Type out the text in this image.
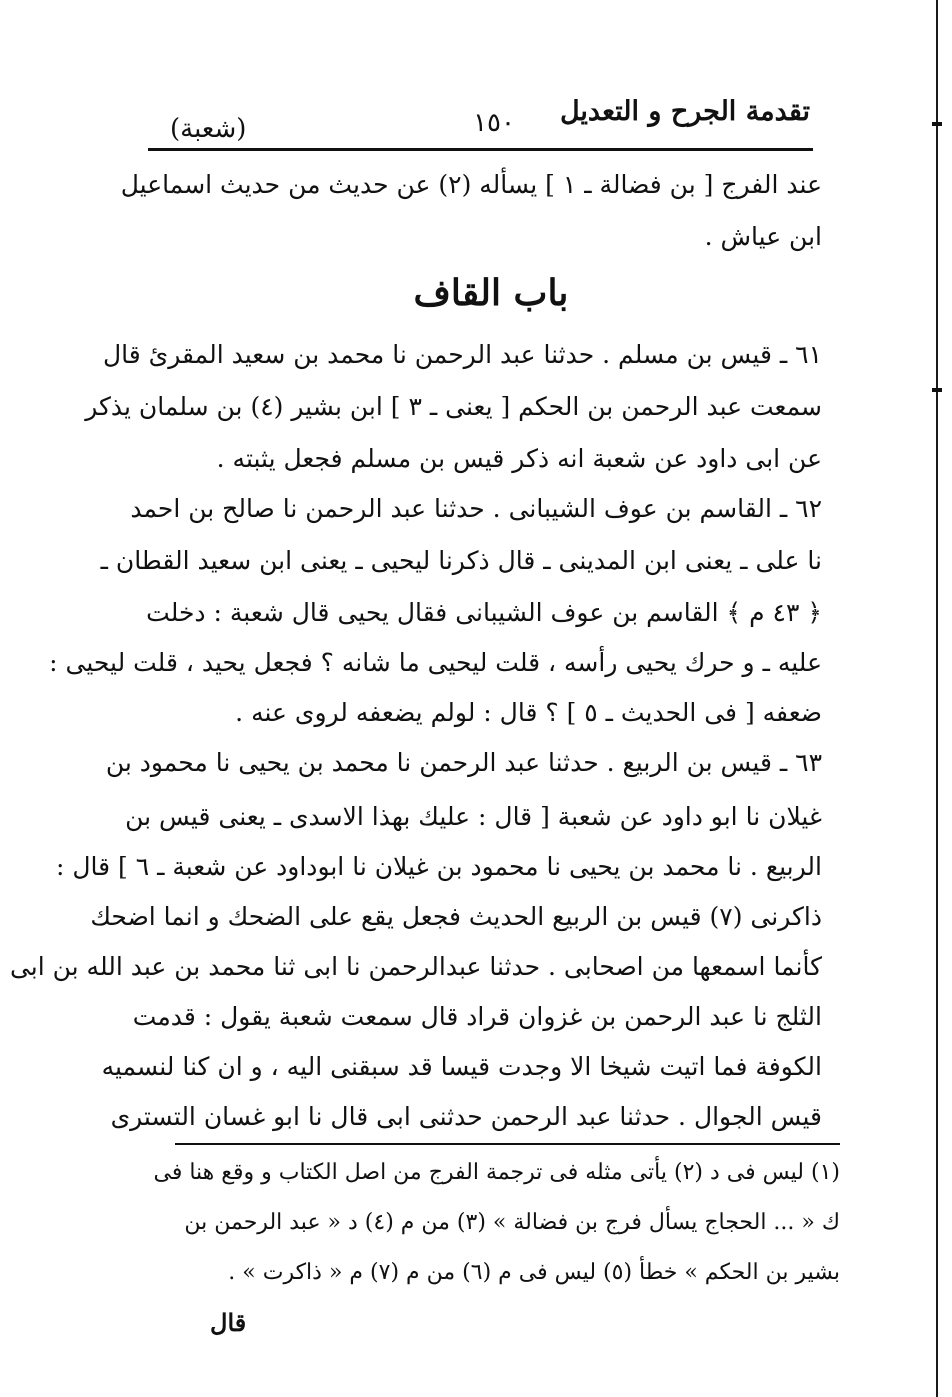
تقدمة الجرح و التعديل
١٥٠
(شعبة)
عند الفرج [ بن فضالة ـ ١ ] يسأله (٢) عن حديث من حديث اسماعيل
ابن عياش .
باب القاف
٦١ ـ قيس بن مسلم . حدثنا عبد الرحمن نا محمد بن سعيد المقرئ قال
سمعت عبد الرحمن بن الحكم [ يعنى ـ ٣ ] ابن بشير (٤) بن سلمان يذكر
عن ابى داود عن شعبة انه ذكر قيس بن مسلم فجعل يثبته .
٦٢ ـ القاسم بن عوف الشيبانى . حدثنا عبد الرحمن نا صالح بن احمد
نا على ـ يعنى ابن المدينى ـ قال ذكرنا ليحيى ـ يعنى ابن سعيد القطان ـ
﴿ ٤٣ م ﴾ القاسم بن عوف الشيبانى فقال يحيى قال شعبة : دخلت
عليه ـ و حرك يحيى رأسه ، قلت ليحيى ما شانه ؟ فجعل يحيد ، قلت ليحيى :
ضعفه [ فى الحديث ـ ٥ ] ؟ قال : لولم يضعفه لروى عنه .
٦٣ ـ قيس بن الربيع . حدثنا عبد الرحمن نا محمد بن يحيى نا محمود بن
غيلان نا ابو داود عن شعبة [ قال : عليك بهذا الاسدى ـ يعنى قيس بن
الربيع . نا محمد بن يحيى نا محمود بن غيلان نا ابوداود عن شعبة ـ ٦ ] قال :
ذاكرنى (٧) قيس بن الربيع الحديث فجعل يقع على الضحك و انما اضحك
كأنما اسمعها من اصحابى . حدثنا عبدالرحمن نا ابى ثنا محمد بن عبد الله بن ابى
الثلج نا عبد الرحمن بن غزوان قراد قال سمعت شعبة يقول : قدمت
الكوفة فما اتيت شيخا الا وجدت قيسا قد سبقنى اليه ، و ان كنا لنسميه
قيس الجوال . حدثنا عبد الرحمن حدثنى ابى قال نا ابو غسان التسترى
(١) ليس فى د (٢) يأتى مثله فى ترجمة الفرج من اصل الكتاب و وقع هنا فى
ك « ... الحجاج يسأل فرج بن فضالة » (٣) من م (٤) د « عبد الرحمن بن
بشير بن الحكم » خطأ (٥) ليس فى م (٦) من م (٧) م « ذاكرت » .
قال
